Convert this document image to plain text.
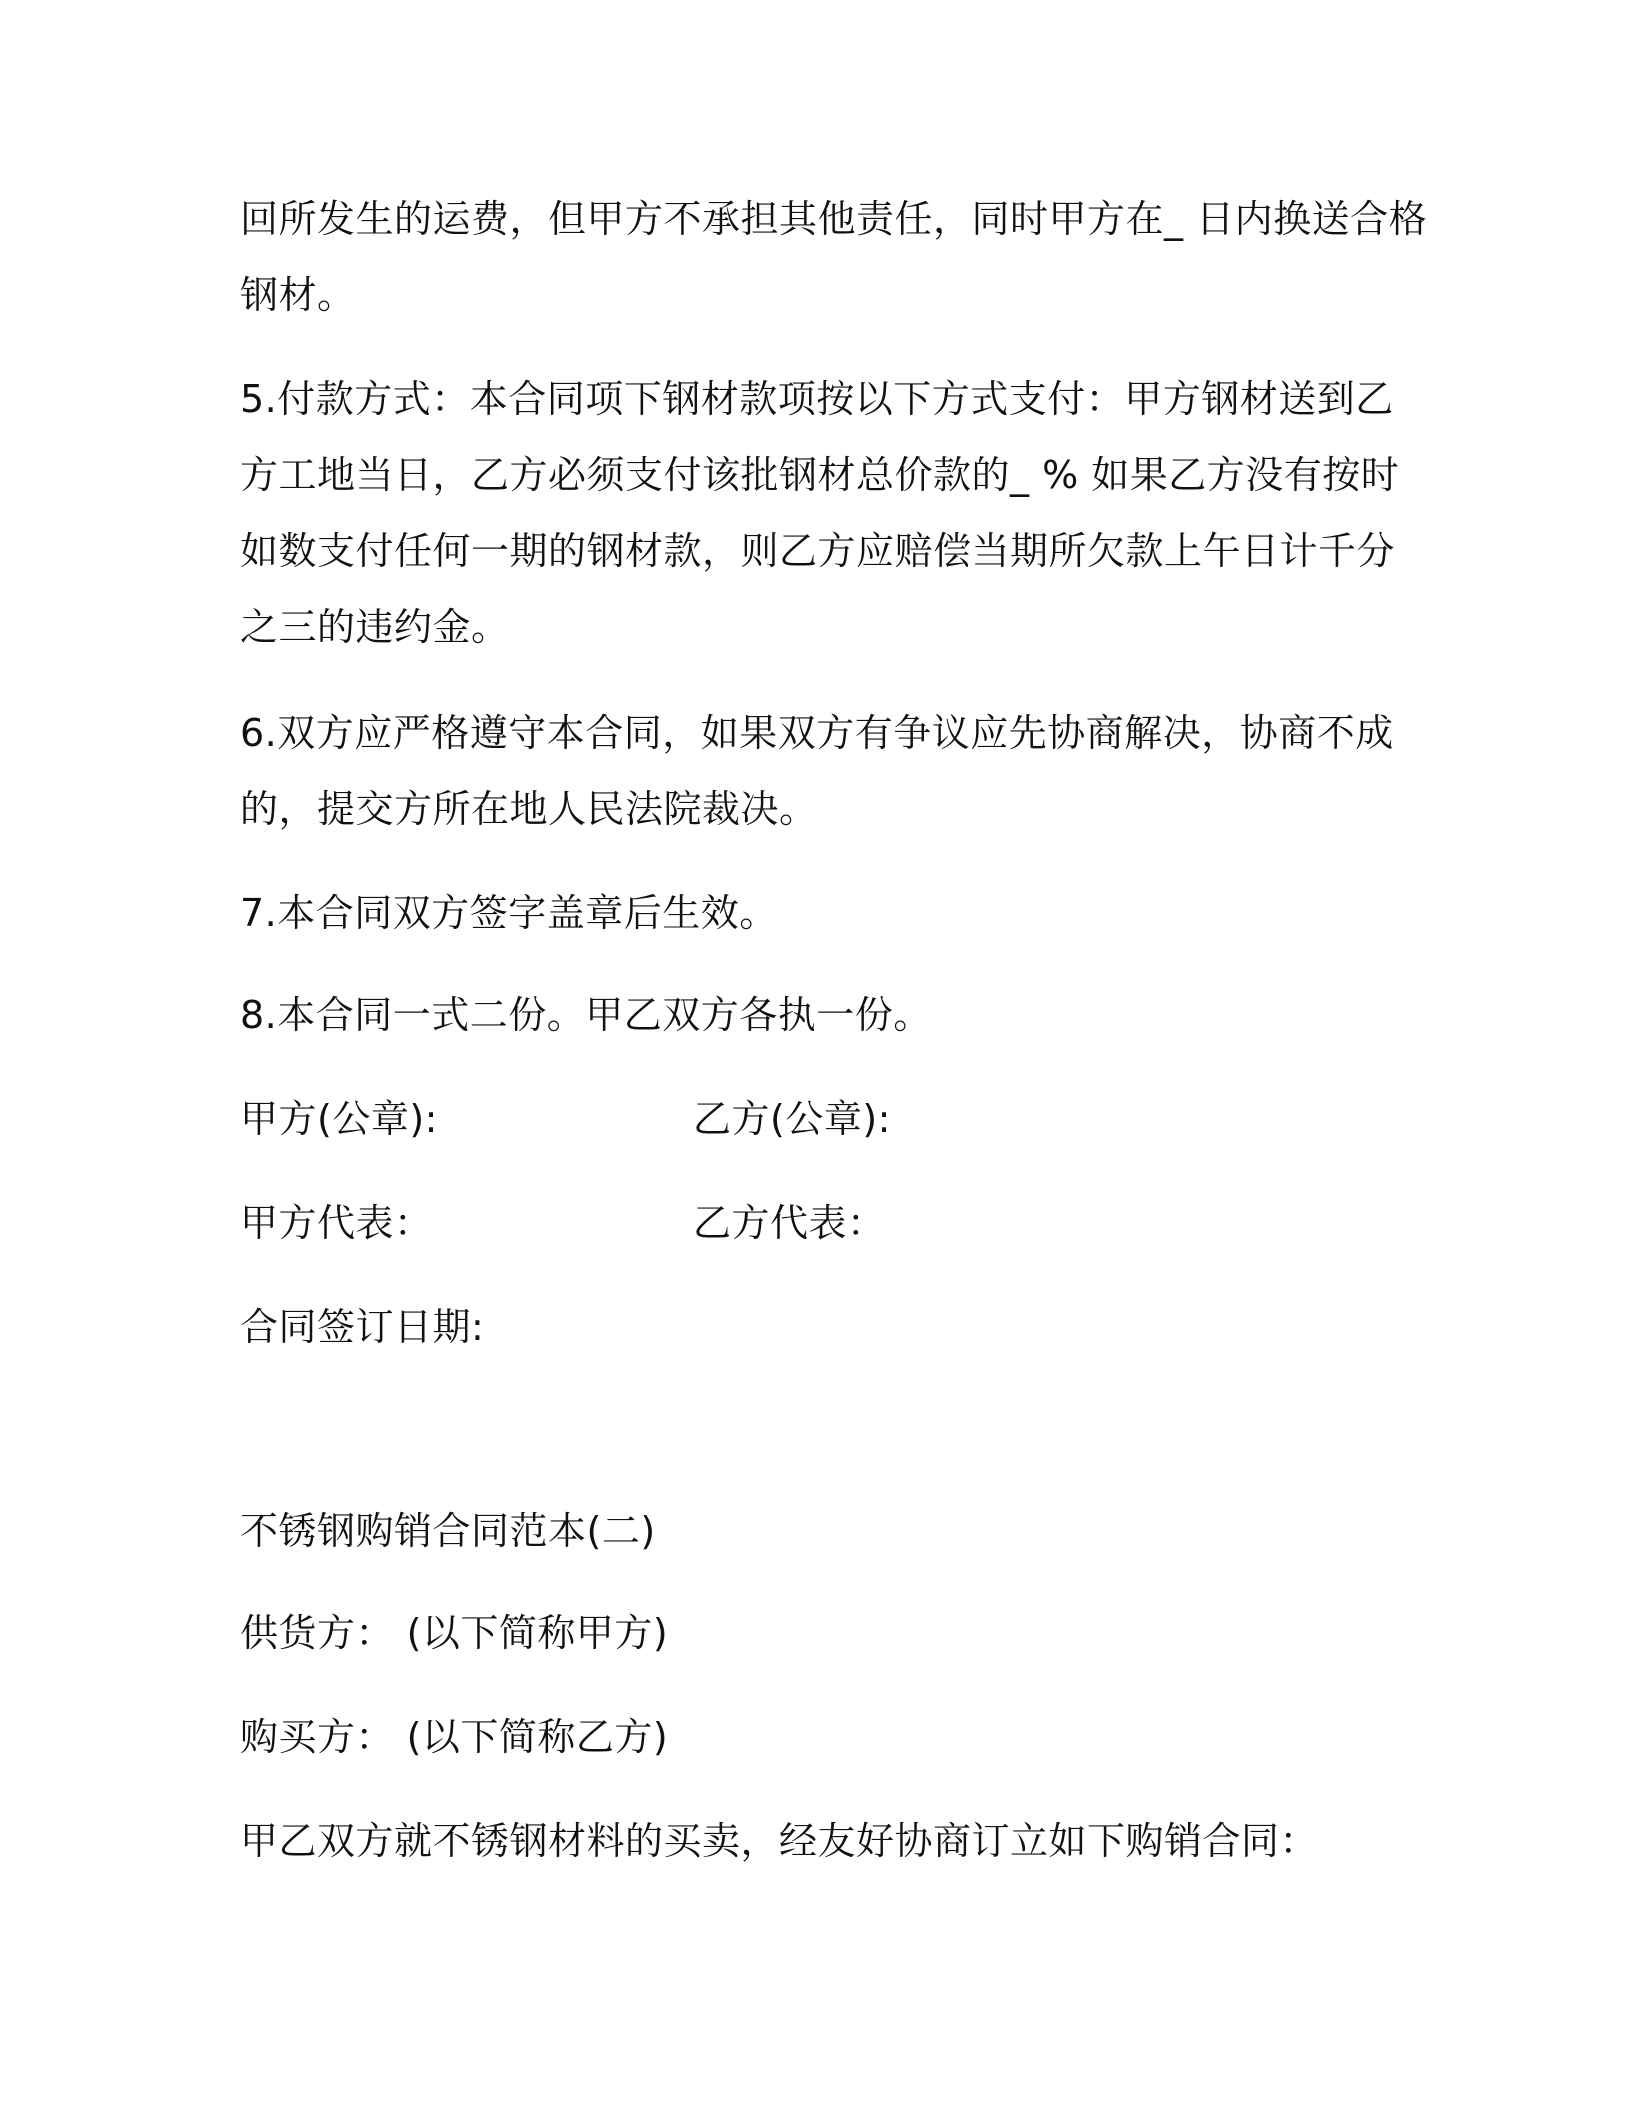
回所发生的运费，但甲方不承担其他责任，同时甲方在_ 日内换送合格
钢材。
5.付款方式：本合同项下钢材款项按以下方式支付：甲方钢材送到乙
方工地当日，乙方必须支付该批钢材总价款的_ % 如果乙方没有按时
如数支付任何一期的钢材款，则乙方应赔偿当期所欠款上午日计千分
之三的违约金。
6.双方应严格遵守本合同，如果双方有争议应先协商解决，协商不成
的，提交方所在地人民法院裁决。
7.本合同双方签字盖章后生效。
8.本合同一式二份。甲乙双方各执一份。
甲方(公章):	乙方(公章):
甲方代表：	乙方代表：
合同签订日期:
不锈钢购销合同范本(二)
供货方： (以下简称甲方)
购买方： (以下简称乙方)
甲乙双方就不锈钢材料的买卖，经友好协商订立如下购销合同：
